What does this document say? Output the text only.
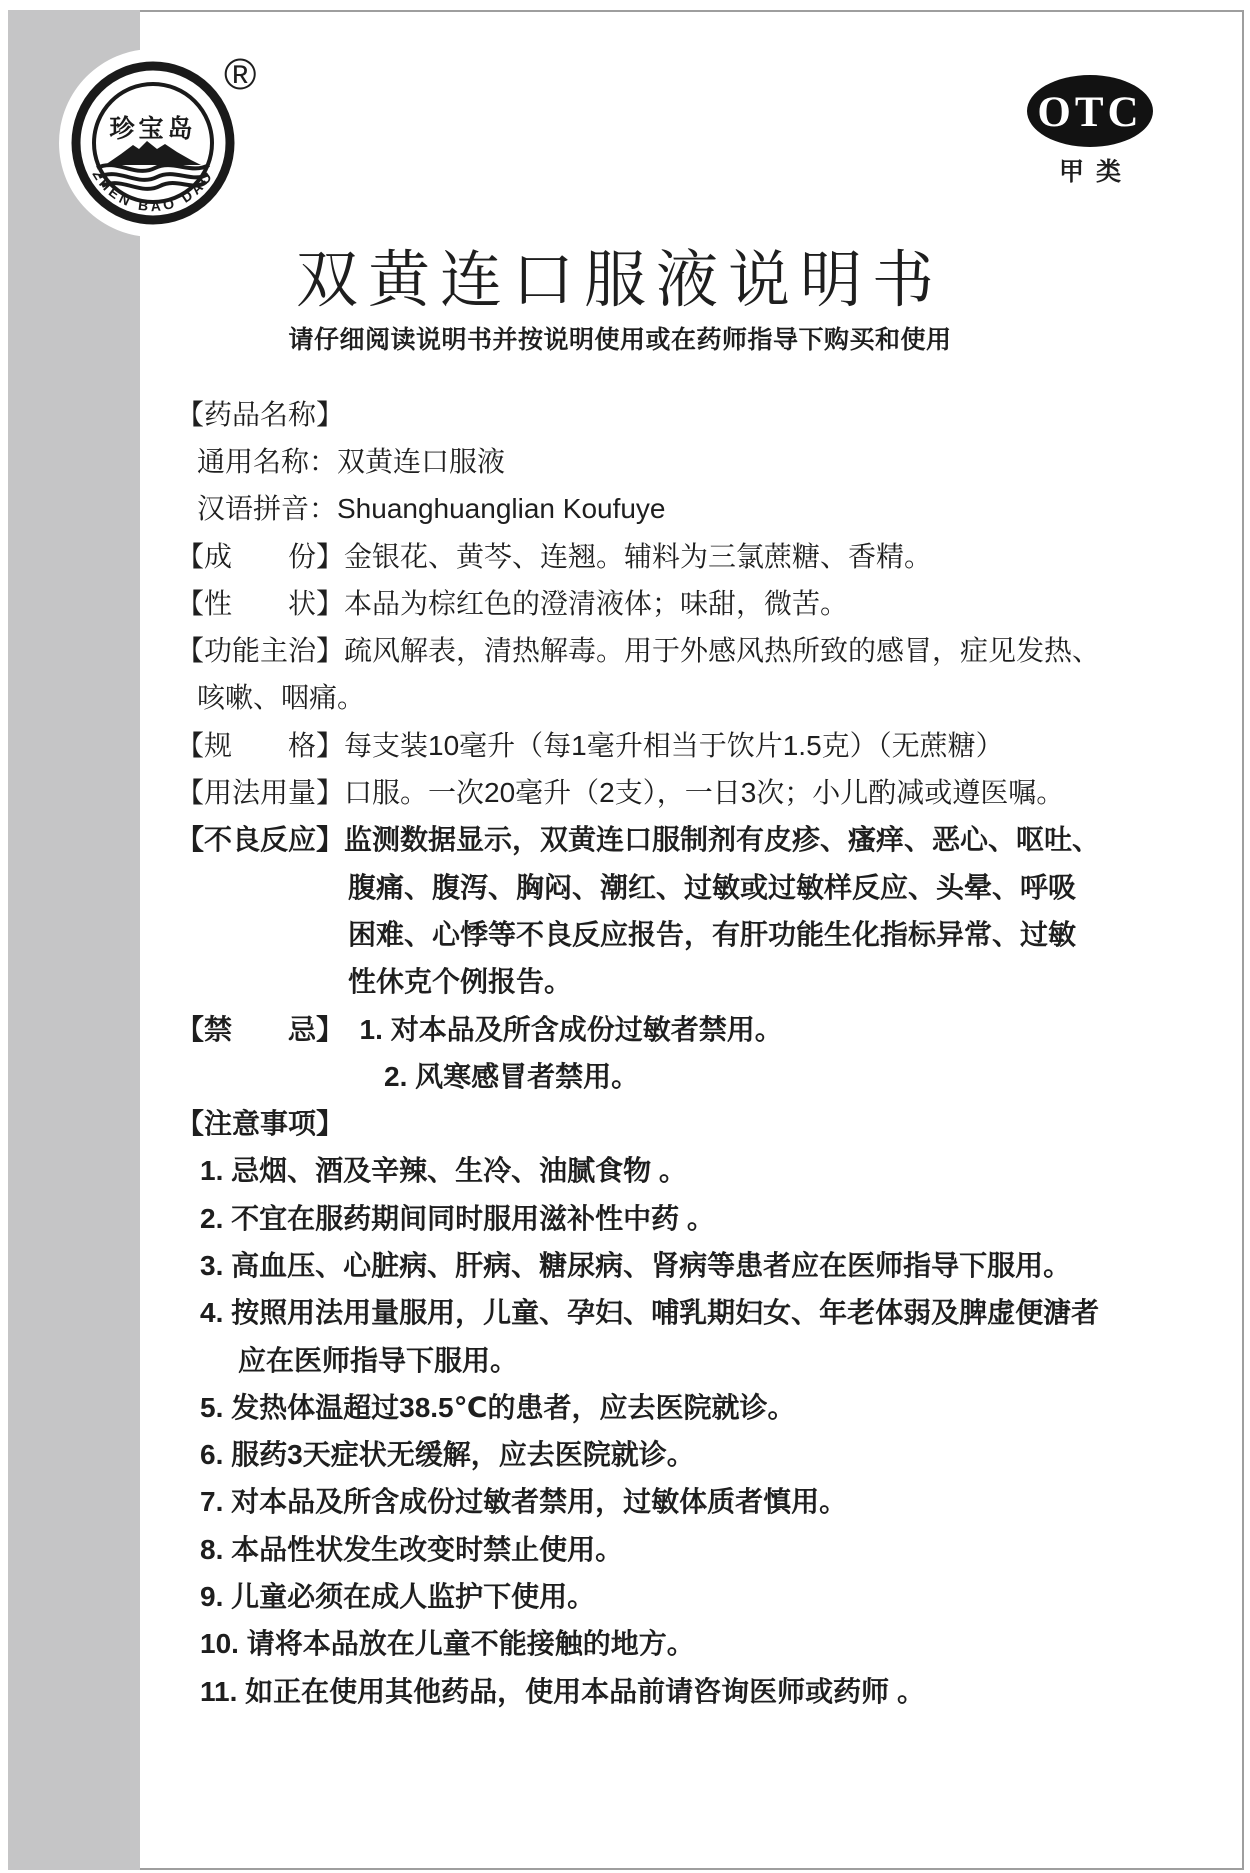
珍宝岛
ZHEN BAO DAO
®
OTC
甲类
双黄连口服液说明书
请仔细阅读说明书并按说明使用或在药师指导下购买和使用
【药品名称】
通用名称：双黄连口服液
汉语拼音：Shuanghuanglian Koufuye
【成　　份】金银花、黄芩、连翘。辅料为三氯蔗糖、香精。
【性　　状】本品为棕红色的澄清液体；味甜，微苦。
【功能主治】疏风解表，清热解毒。用于外感风热所致的感冒，症见发热、
咳嗽、咽痛。
【规　　格】每支装10毫升（每1毫升相当于饮片1.5克）（无蔗糖）
【用法用量】口服。一次20毫升（2支），一日3次；小儿酌减或遵医嘱。
【不良反应】监测数据显示，双黄连口服制剂有皮疹、瘙痒、恶心、呕吐、
腹痛、腹泻、胸闷、潮红、过敏或过敏样反应、头晕、呼吸
困难、心悸等不良反应报告，有肝功能生化指标异常、过敏
性休克个例报告。
【禁　　忌】  1. 对本品及所含成份过敏者禁用。
2. 风寒感冒者禁用。
【注意事项】
1. 忌烟、酒及辛辣、生冷、油腻食物 。
2. 不宜在服药期间同时服用滋补性中药 。
3. 高血压、心脏病、肝病、糖尿病、肾病等患者应在医师指导下服用。
4. 按照用法用量服用，儿童、孕妇、哺乳期妇女、年老体弱及脾虚便溏者
应在医师指导下服用。
5. 发热体温超过38.5℃的患者，应去医院就诊。
6. 服药3天症状无缓解，应去医院就诊。
7. 对本品及所含成份过敏者禁用，过敏体质者慎用。
8. 本品性状发生改变时禁止使用。
9. 儿童必须在成人监护下使用。
10. 请将本品放在儿童不能接触的地方。
11. 如正在使用其他药品，使用本品前请咨询医师或药师 。
